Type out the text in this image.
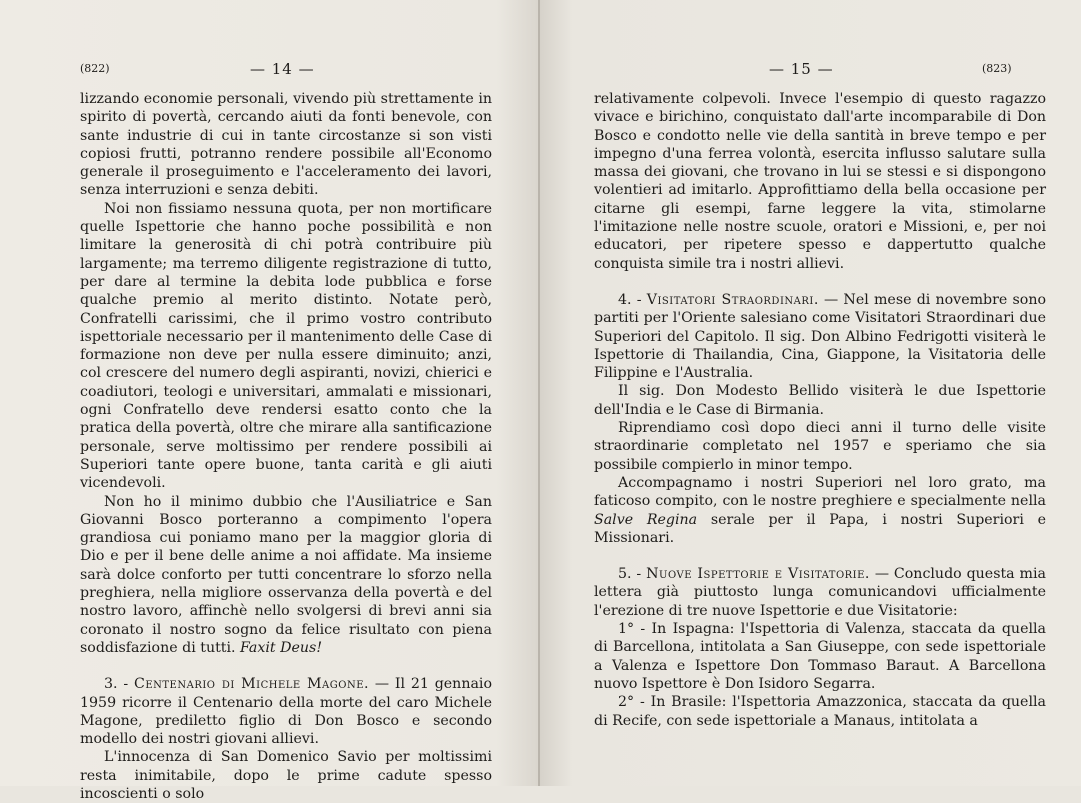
(822)	— 14 —

lizzando economie personali, vivendo più strettamente in spirito di povertà, cercando aiuti da fonti benevole, con sante industrie di cui in tante circostanze si son visti copiosi frutti, potranno rendere possibile all'Economo generale il proseguimento e l'acceleramento dei lavori, senza interruzioni e senza debiti.

Noi non fissiamo nessuna quota, per non mortificare quelle Ispettorie che hanno poche possibilità e non limitare la generosità di chi potrà contribuire più largamente; ma terremo diligente registrazione di tutto, per dare al termine la debita lode pubblica e forse qualche premio al merito distinto. Notate però, Confratelli carissimi, che il primo vostro contributo ispettoriale necessario per il mantenimento delle Case di formazione non deve per nulla essere diminuito; anzi, col crescere del numero degli aspiranti, novizi, chierici e coadiutori, teologi e universitari, ammalati e missionari, ogni Confratello deve rendersi esatto conto che la pratica della povertà, oltre che mirare alla santificazione personale, serve moltissimo per rendere possibili ai Superiori tante opere buone, tanta carità e gli aiuti vicendevoli.

Non ho il minimo dubbio che l'Ausiliatrice e San Giovanni Bosco porteranno a compimento l'opera grandiosa cui poniamo mano per la maggior gloria di Dio e per il bene delle anime a noi affidate. Ma insieme sarà dolce conforto per tutti concentrare lo sforzo nella preghiera, nella migliore osservanza della povertà e del nostro lavoro, affinchè nello svolgersi di brevi anni sia coronato il nostro sogno da felice risultato con piena soddisfazione di tutti. Faxit Deus!

3. - Centenario di Michele Magone. — Il 21 gennaio 1959 ricorre il Centenario della morte del caro Michele Magone, prediletto figlio di Don Bosco e secondo modello dei nostri giovani allievi.

L'innocenza di San Domenico Savio per moltissimi resta inimitabile, dopo le prime cadute spesso incoscienti o solo

— 15 —	(823)

relativamente colpevoli. Invece l'esempio di questo ragazzo vivace e birichino, conquistato dall'arte incomparabile di Don Bosco e condotto nelle vie della santità in breve tempo e per impegno d'una ferrea volontà, esercita influsso salutare sulla massa dei giovani, che trovano in lui se stessi e si dispongono volentieri ad imitarlo. Approfittiamo della bella occasione per citarne gli esempi, farne leggere la vita, stimolarne l'imitazione nelle nostre scuole, oratori e Missioni, e, per noi educatori, per ripetere spesso e dappertutto qualche conquista simile tra i nostri allievi.

4. - Visitatori Straordinari. — Nel mese di novembre sono partiti per l'Oriente salesiano come Visitatori Straordinari due Superiori del Capitolo. Il sig. Don Albino Fedrigotti visiterà le Ispettorie di Thailandia, Cina, Giappone, la Visitatoria delle Filippine e l'Australia.

Il sig. Don Modesto Bellido visiterà le due Ispettorie dell'India e le Case di Birmania.

Riprendiamo così dopo dieci anni il turno delle visite straordinarie completato nel 1957 e speriamo che sia possibile compierlo in minor tempo.

Accompagnamo i nostri Superiori nel loro grato, ma faticoso compito, con le nostre preghiere e specialmente nella Salve Regina serale per il Papa, i nostri Superiori e Missionari.

5. - Nuove Ispettorie e Visitatorie. — Concludo questa mia lettera già piuttosto lunga comunicandovi ufficialmente l'erezione di tre nuove Ispettorie e due Visitatorie:

1° - In Ispagna: l'Ispettoria di Valenza, staccata da quella di Barcellona, intitolata a San Giuseppe, con sede ispettoriale a Valenza e Ispettore Don Tommaso Baraut. A Barcellona nuovo Ispettore è Don Isidoro Segarra.

2° - In Brasile: l'Ispettoria Amazzonica, staccata da quella di Recife, con sede ispettoriale a Manaus, intitolata a
